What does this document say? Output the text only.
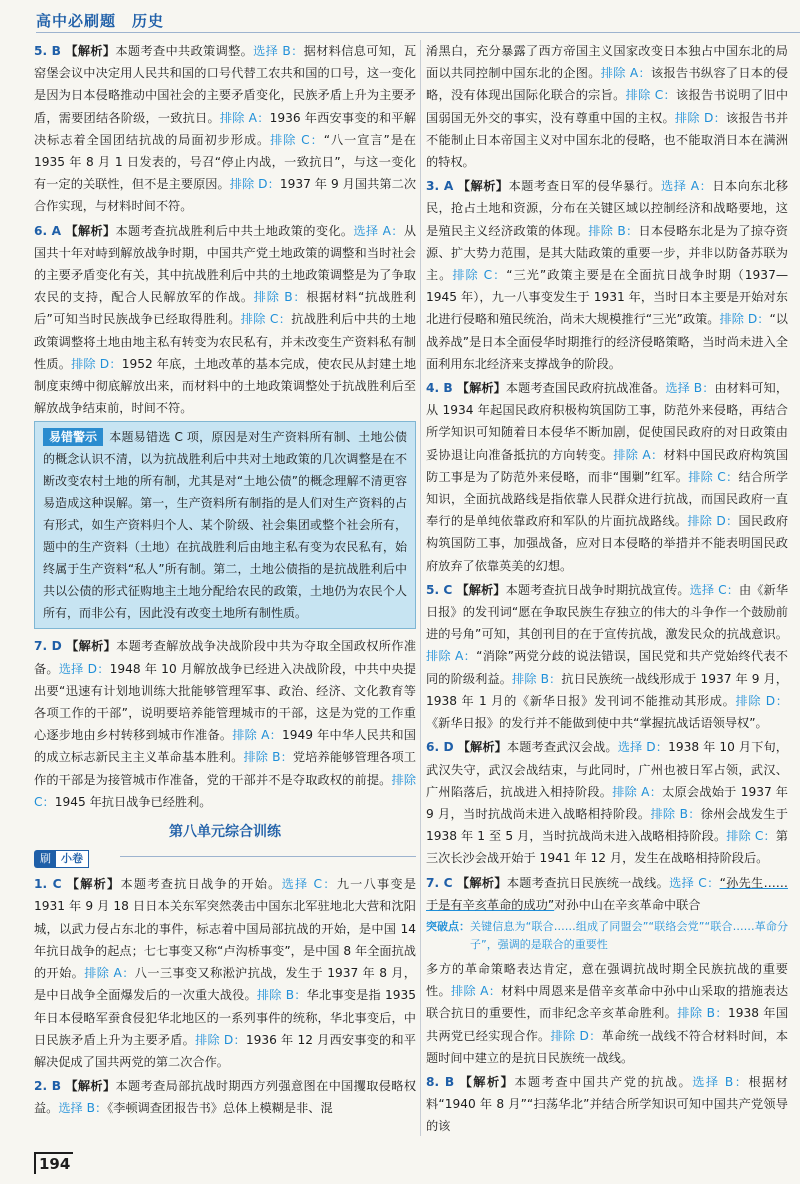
高中必刷题　历史
5. B 【解析】本题考查中共政策调整。选择 B：据材料信息可知，瓦窑堡会议中决定用人民共和国的口号代替工农共和国的口号，这一变化是因为日本侵略推动中国社会的主要矛盾变化，民族矛盾上升为主要矛盾，需要团结各阶级，一致抗日。排除 A：1936 年西安事变的和平解决标志着全国团结抗战的局面初步形成。排除 C：“八一宣言”是在 1935 年 8 月 1 日发表的，号召“停止内战，一致抗日”，与这一变化有一定的关联性，但不是主要原因。排除 D：1937 年 9 月国共第二次合作实现，与材料时间不符。
6. A 【解析】本题考查抗战胜利后中共土地政策的变化。选择 A：从国共十年对峙到解放战争时期，中国共产党土地政策的调整和当时社会的主要矛盾变化有关，其中抗战胜利后中共的土地政策调整是为了争取农民的支持，配合人民解放军的作战。排除 B：根据材料“抗战胜利后”可知当时民族战争已经取得胜利。排除 C：抗战胜利后中共的土地政策调整将土地由地主私有转变为农民私有，并未改变生产资料私有制性质。排除 D：1952 年底，土地改革的基本完成，使农民从封建土地制度束缚中彻底解放出来，而材料中的土地政策调整处于抗战胜利后至解放战争结束前，时间不符。
易错警示 本题易错选 C 项，原因是对生产资料所有制、土地公债的概念认识不清，以为抗战胜利后中共对土地政策的几次调整是在不断改变农村土地的所有制，尤其是对“土地公债”的概念理解不清更容易造成这种误解。第一，生产资料所有制指的是人们对生产资料的占有形式，如生产资料归个人、某个阶级、社会集团或整个社会所有，题中的生产资料（土地）在抗战胜利后由地主私有变为农民私有，始终属于生产资料“私人”所有制。第二，土地公债指的是抗战胜利后中共以公债的形式征购地主土地分配给农民的政策，土地仍为农民个人所有，而非公有，因此没有改变土地所有制性质。
7. D 【解析】本题考查解放战争决战阶段中共为夺取全国政权所作准备。选择 D：1948 年 10 月解放战争已经进入决战阶段，中共中央提出要“迅速有计划地训练大批能够管理军事、政治、经济、文化教育等各项工作的干部”，说明要培养能管理城市的干部，这是为党的工作重心逐步地由乡村转移到城市作准备。排除 A：1949 年中华人民共和国的成立标志新民主主义革命基本胜利。排除 B：党培养能够管理各项工作的干部是为接管城市作准备，党的干部并不是夺取政权的前提。排除 C：1945 年抗日战争已经胜利。
第八单元综合训练
刷 小卷
1. C 【解析】本题考查抗日战争的开始。选择 C：九一八事变是 1931 年 9 月 18 日日本关东军突然袭击中国东北军驻地北大营和沈阳城，以武力侵占东北的事件，标志着中国局部抗战的开始，是中国 14 年抗日战争的起点；七七事变又称“卢沟桥事变”，是中国 8 年全面抗战的开始。排除 A：八一三事变又称淞沪抗战，发生于 1937 年 8 月，是中日战争全面爆发后的一次重大战役。排除 B：华北事变是指 1935 年日本侵略军蚕食侵犯华北地区的一系列事件的统称，华北事变后，中日民族矛盾上升为主要矛盾。排除 D：1936 年 12 月西安事变的和平解决促成了国共两党的第二次合作。
2. B 【解析】本题考查局部抗战时期西方列强意图在中国攫取侵略权益。选择 B：《李顿调查团报告书》总体上模糊是非、混
淆黑白，充分暴露了西方帝国主义国家改变日本独占中国东北的局面以共同控制中国东北的企图。排除 A：该报告书纵容了日本的侵略，没有体现出国际化联合的宗旨。排除 C：该报告书说明了旧中国弱国无外交的事实，没有尊重中国的主权。排除 D：该报告书并不能制止日本帝国主义对中国东北的侵略，也不能取消日本在满洲的特权。
3. A 【解析】本题考查日军的侵华暴行。选择 A：日本向东北移民，抢占土地和资源，分布在关键区域以控制经济和战略要地，这是殖民主义经济政策的体现。排除 B：日本侵略东北是为了掠夺资源、扩大势力范围，是其大陆政策的重要一步，并非以防备苏联为主。排除 C：“三光”政策主要是在全面抗日战争时期（1937—1945 年），九一八事变发生于 1931 年，当时日本主要是开始对东北进行侵略和殖民统治，尚未大规模推行“三光”政策。排除 D：“以战养战”是日本全面侵华时期推行的经济侵略策略，当时尚未进入全面利用东北经济来支撑战争的阶段。
4. B 【解析】本题考查国民政府抗战准备。选择 B：由材料可知，从 1934 年起国民政府积极构筑国防工事，防范外来侵略，再结合所学知识可知随着日本侵华不断加剧，促使国民政府的对日政策由妥协退让向准备抵抗的方向转变。排除 A：材料中国民政府构筑国防工事是为了防范外来侵略，而非“围剿”红军。排除 C：结合所学知识，全面抗战路线是指依靠人民群众进行抗战，而国民政府一直奉行的是单纯依靠政府和军队的片面抗战路线。排除 D：国民政府构筑国防工事，加强战备，应对日本侵略的举措并不能表明国民政府放弃了依靠英美的幻想。
5. C 【解析】本题考查抗日战争时期抗战宣传。选择 C：由《新华日报》的发刊词“愿在争取民族生存独立的伟大的斗争作一个鼓励前进的号角”可知，其创刊目的在于宣传抗战，激发民众的抗战意识。排除 A：“消除”两党分歧的说法错误，国民党和共产党始终代表不同的阶级利益。排除 B：抗日民族统一战线形成于 1937 年 9 月，1938 年 1 月的《新华日报》发刊词不能推动其形成。排除 D：《新华日报》的发行并不能做到使中共“掌握抗战话语领导权”。
6. D 【解析】本题考查武汉会战。选择 D：1938 年 10 月下旬，武汉失守，武汉会战结束，与此同时，广州也被日军占领，武汉、广州陷落后，抗战进入相持阶段。排除 A：太原会战始于 1937 年 9 月，当时抗战尚未进入战略相持阶段。排除 B：徐州会战发生于 1938 年 1 至 5 月，当时抗战尚未进入战略相持阶段。排除 C：第三次长沙会战开始于 1941 年 12 月，发生在战略相持阶段后。
7. C 【解析】本题考查抗日民族统一战线。选择 C：“孙先生……于是有辛亥革命的成功”对孙中山在辛亥革命中联合
突破点： 关键信息为“联合……组成了同盟会”“联络会党”“联合……革命分子”，强调的是联合的重要性
多方的革命策略表达肯定，意在强调抗战时期全民族抗战的重要性。排除 A：材料中周恩来是借辛亥革命中孙中山采取的措施表达联合抗日的重要性，而非纪念辛亥革命胜利。排除 B：1938 年国共两党已经实现合作。排除 D：革命统一战线不符合材料时间，本题时间中建立的是抗日民族统一战线。
8. B 【解析】本题考查中国共产党的抗战。选择 B：根据材料“1940 年 8 月”“扫荡华北”并结合所学知识可知中国共产党领导的该
194
